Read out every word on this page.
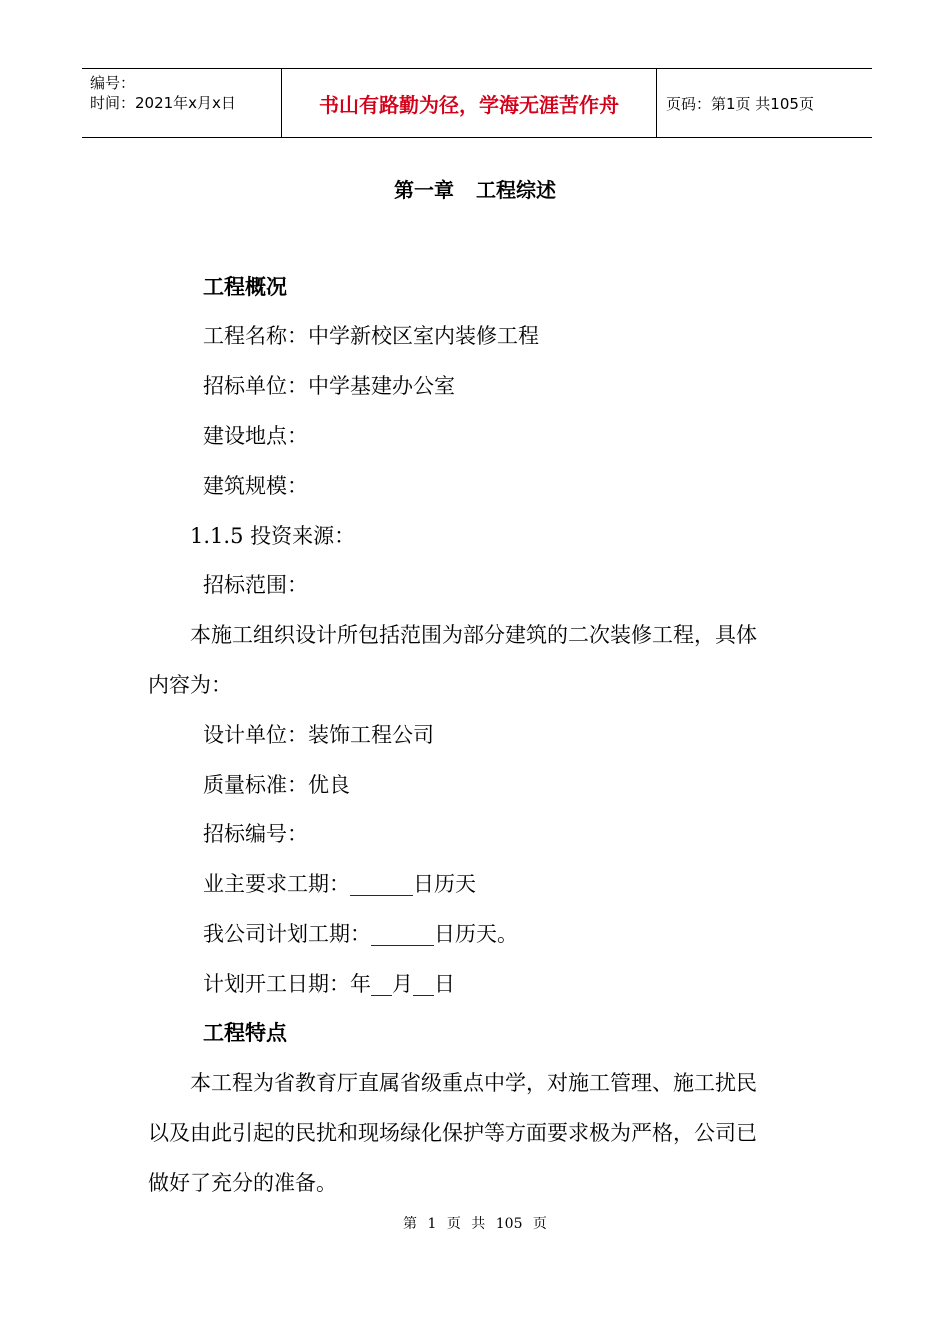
编号：
时间：2021年x月x日	书山有路勤为径，学海无涯苦作舟	页码：第1页 共105页
第一章 工程综述
工程概况
工程名称：中学新校区室内装修工程
招标单位：中学基建办公室
建设地点：
建筑规模：
1.1.5 投资来源：
招标范围：
本施工组织设计所包括范围为部分建筑的二次装修工程，具体
内容为：
设计单位：装饰工程公司
质量标准：优良
招标编号：
业主要求工期：______日历天
我公司计划工期：______日历天。
计划开工日期：年__月__日
工程特点
本工程为省教育厅直属省级重点中学，对施工管理、施工扰民
以及由此引起的民扰和现场绿化保护等方面要求极为严格，公司已
做好了充分的准备。
第 1 页 共 105 页
